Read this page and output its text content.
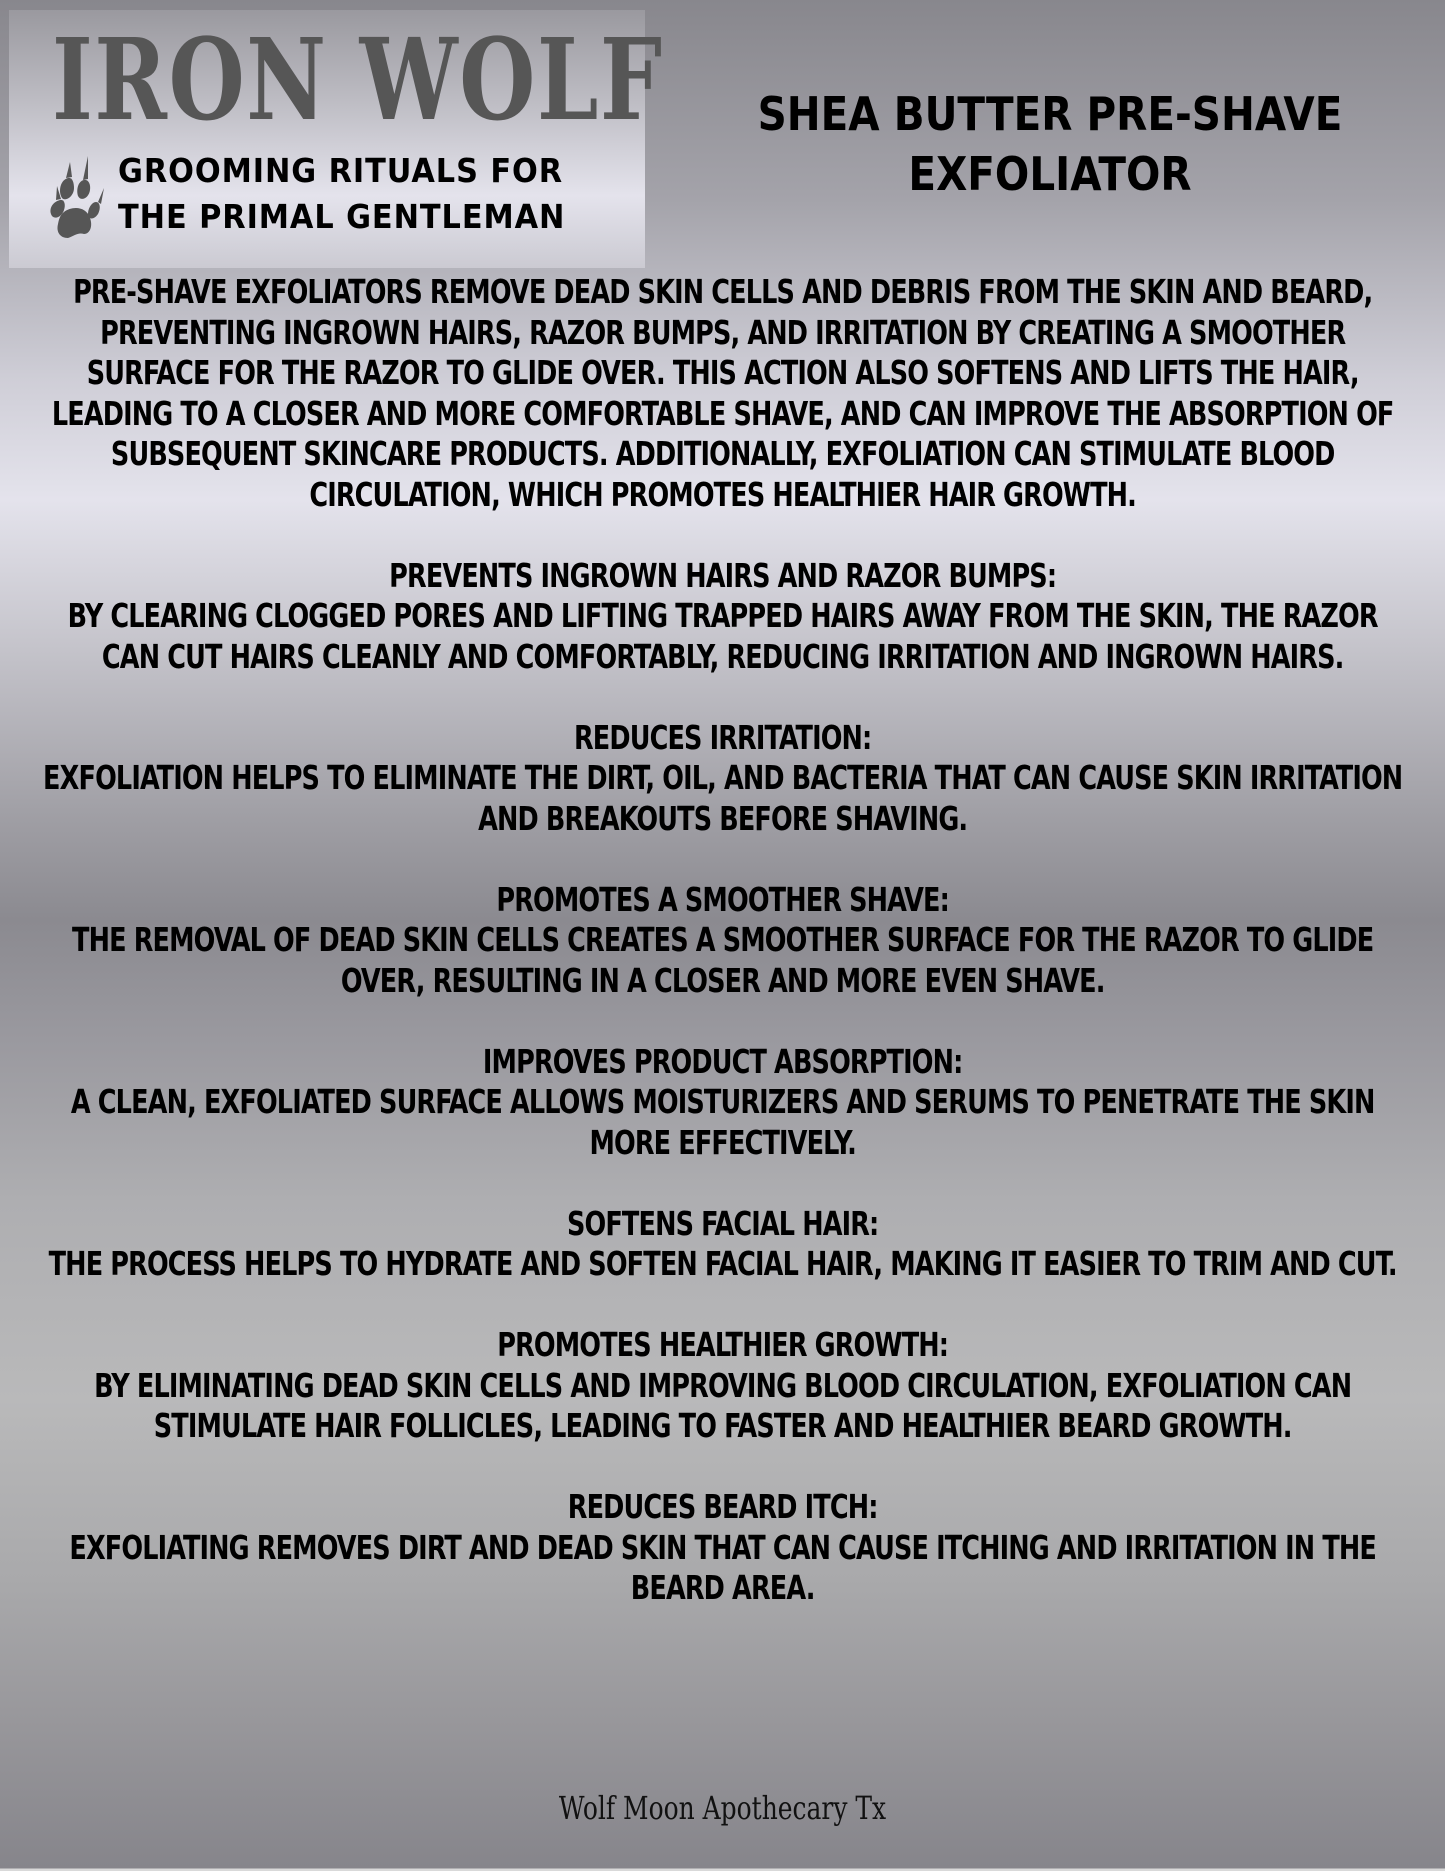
IRON WOLF
GROOMING RITUALS FOR
THE PRIMAL GENTLEMAN
SHEA BUTTER PRE-SHAVE
EXFOLIATOR
PRE-SHAVE EXFOLIATORS REMOVE DEAD SKIN CELLS AND DEBRIS FROM THE SKIN AND BEARD, PREVENTING INGROWN HAIRS, RAZOR BUMPS, AND IRRITATION BY CREATING A SMOOTHER SURFACE FOR THE RAZOR TO GLIDE OVER. THIS ACTION ALSO SOFTENS AND LIFTS THE HAIR, LEADING TO A CLOSER AND MORE COMFORTABLE SHAVE, AND CAN IMPROVE THE ABSORPTION OF SUBSEQUENT SKINCARE PRODUCTS. ADDITIONALLY, EXFOLIATION CAN STIMULATE BLOOD CIRCULATION, WHICH PROMOTES HEALTHIER HAIR GROWTH.
PREVENTS INGROWN HAIRS AND RAZOR BUMPS:
BY CLEARING CLOGGED PORES AND LIFTING TRAPPED HAIRS AWAY FROM THE SKIN, THE RAZOR CAN CUT HAIRS CLEANLY AND COMFORTABLY, REDUCING IRRITATION AND INGROWN HAIRS.
REDUCES IRRITATION:
EXFOLIATION HELPS TO ELIMINATE THE DIRT, OIL, AND BACTERIA THAT CAN CAUSE SKIN IRRITATION AND BREAKOUTS BEFORE SHAVING.
PROMOTES A SMOOTHER SHAVE:
THE REMOVAL OF DEAD SKIN CELLS CREATES A SMOOTHER SURFACE FOR THE RAZOR TO GLIDE OVER, RESULTING IN A CLOSER AND MORE EVEN SHAVE.
IMPROVES PRODUCT ABSORPTION:
A CLEAN, EXFOLIATED SURFACE ALLOWS MOISTURIZERS AND SERUMS TO PENETRATE THE SKIN MORE EFFECTIVELY.
SOFTENS FACIAL HAIR:
THE PROCESS HELPS TO HYDRATE AND SOFTEN FACIAL HAIR, MAKING IT EASIER TO TRIM AND CUT.
PROMOTES HEALTHIER GROWTH:
BY ELIMINATING DEAD SKIN CELLS AND IMPROVING BLOOD CIRCULATION, EXFOLIATION CAN STIMULATE HAIR FOLLICLES, LEADING TO FASTER AND HEALTHIER BEARD GROWTH.
REDUCES BEARD ITCH:
EXFOLIATING REMOVES DIRT AND DEAD SKIN THAT CAN CAUSE ITCHING AND IRRITATION IN THE BEARD AREA.
Wolf Moon Apothecary Tx
